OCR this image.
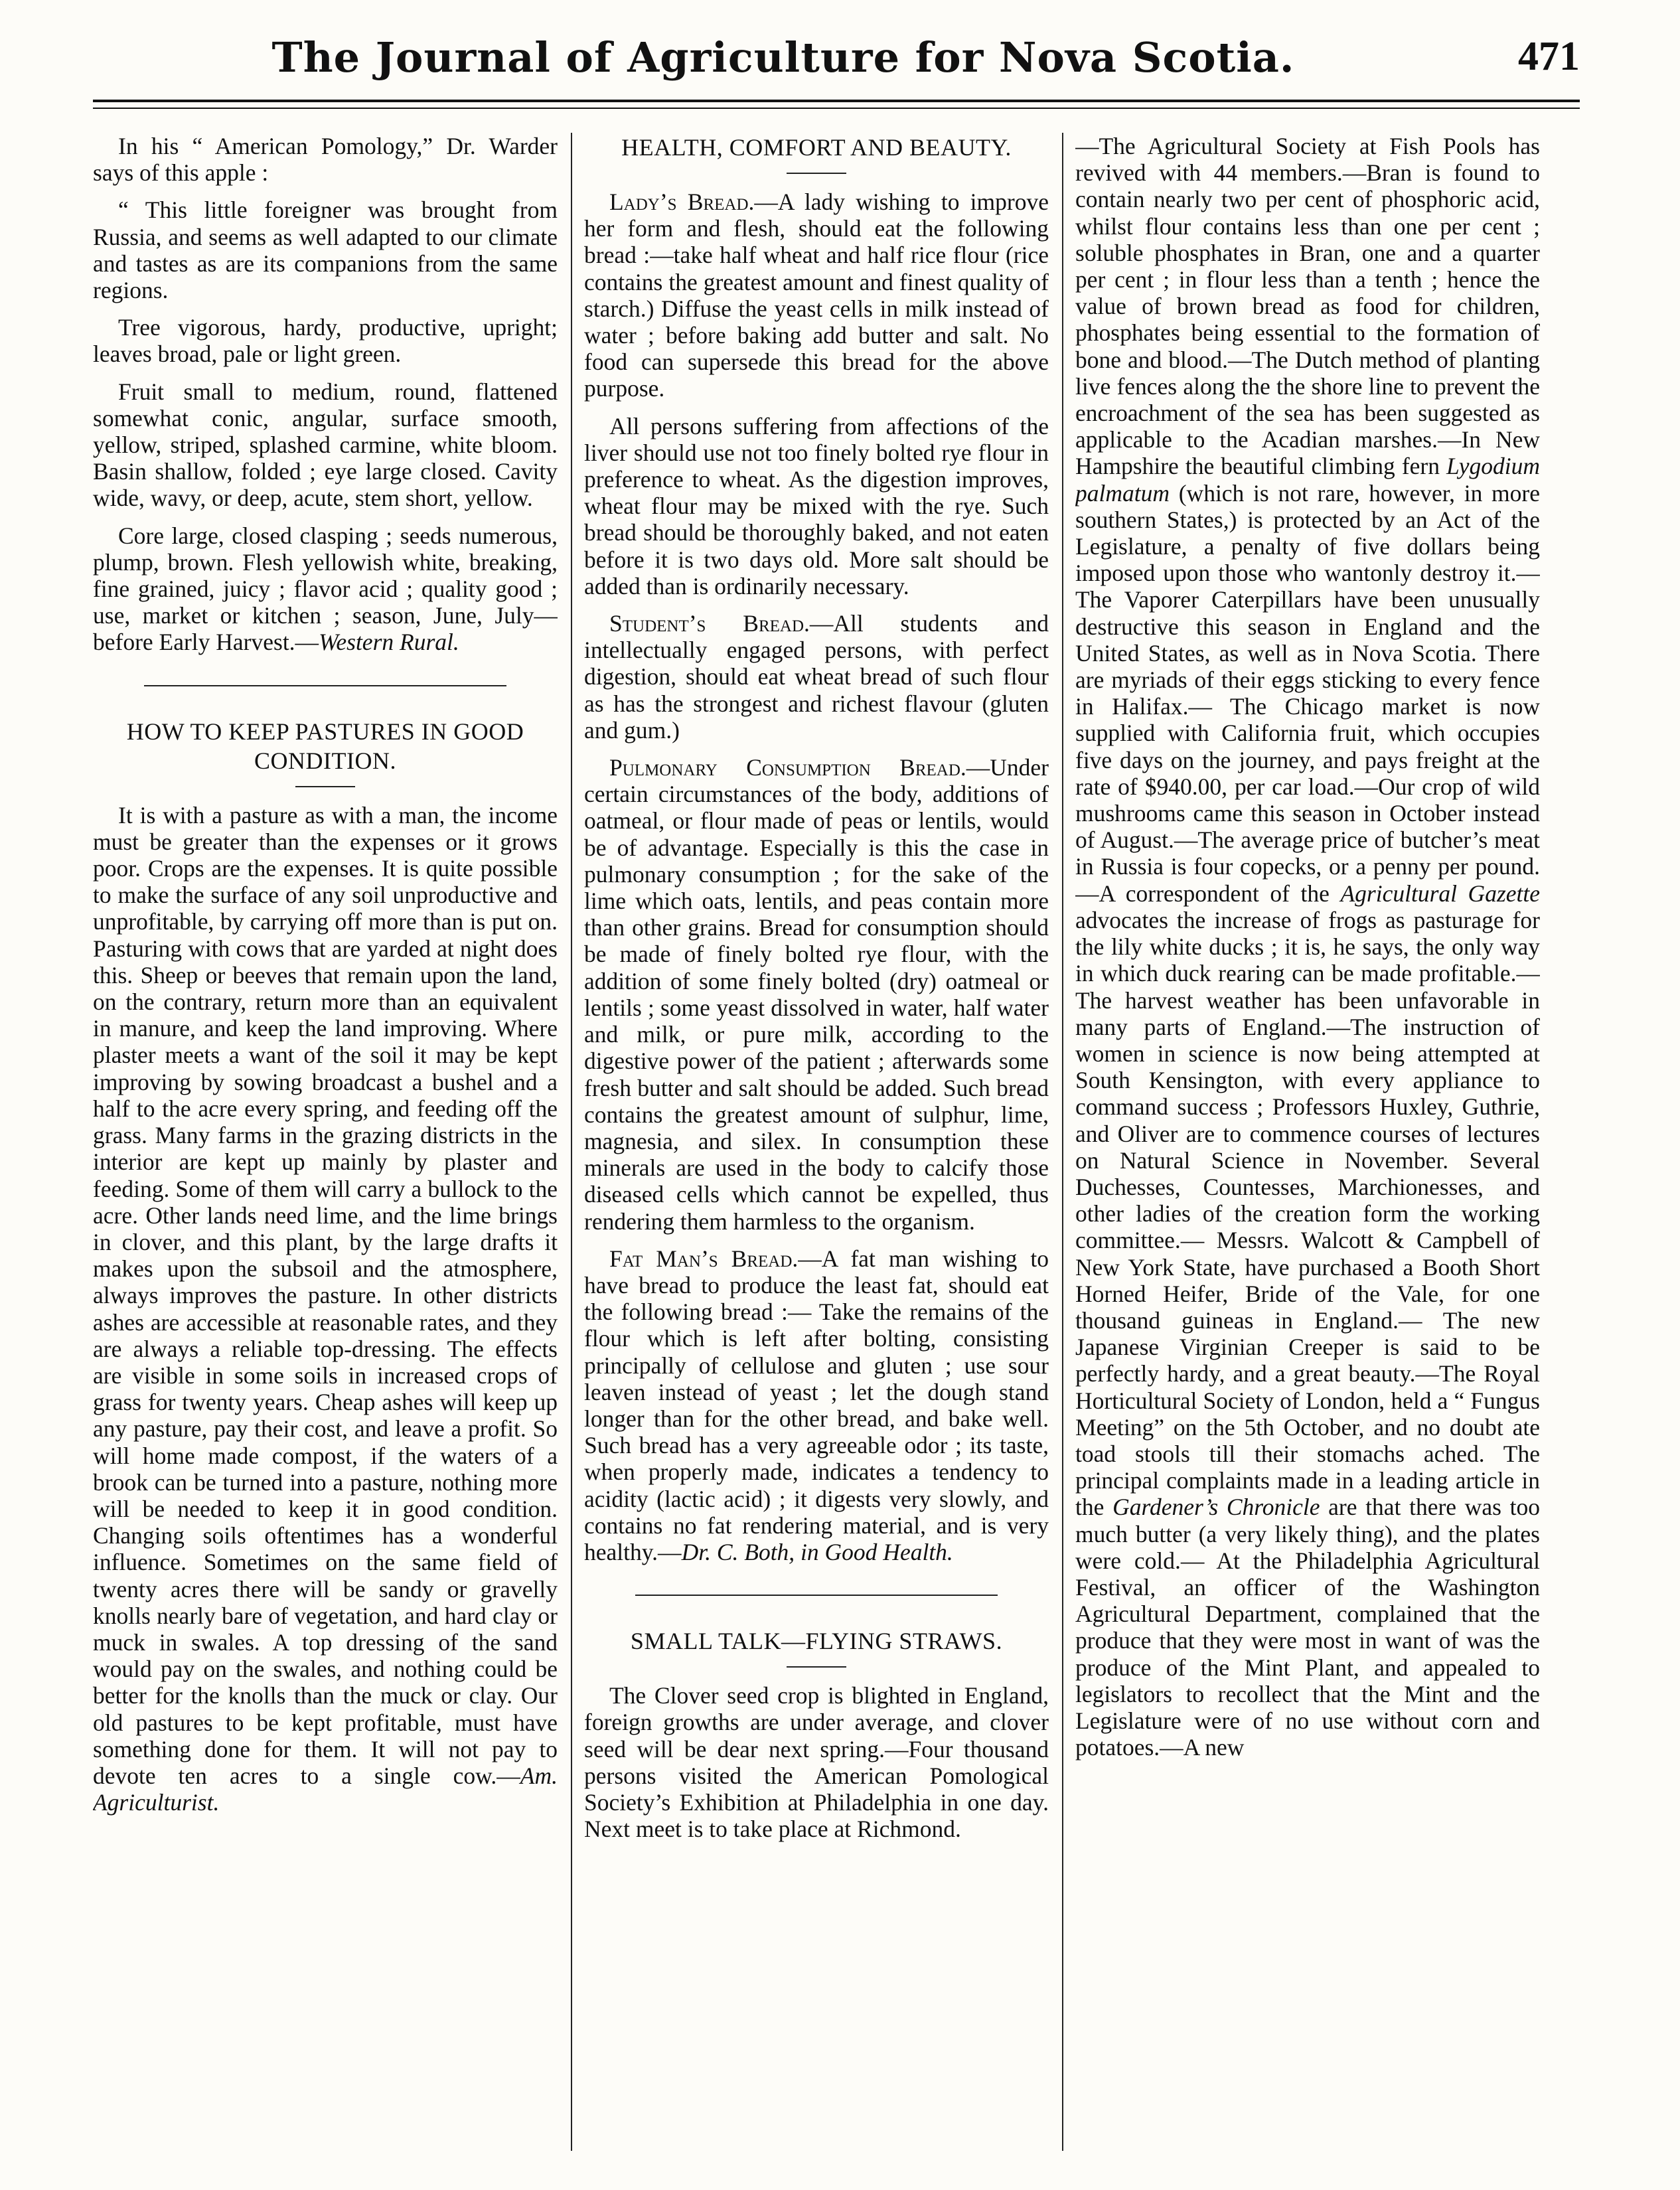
The Journal of Agriculture for Nova Scotia.	471

In his “ American Pomology,” Dr. Warder says of this apple :

“ This little foreigner was brought from Russia, and seems as well adapted to our climate and tastes as are its companions from the same regions.

Tree vigorous, hardy, productive, upright; leaves broad, pale or light green.

Fruit small to medium, round, flattened somewhat conic, angular, surface smooth, yellow, striped, splashed carmine, white bloom. Basin shallow, folded ; eye large closed. Cavity wide, wavy, or deep, acute, stem short, yellow.

Core large, closed clasping ; seeds numerous, plump, brown. Flesh yellowish white, breaking, fine grained, juicy ; flavor acid ; quality good ; use, market or kitchen ; season, June, July—before Early Harvest.—Western Rural.

HOW TO KEEP PASTURES IN GOOD CONDITION.

It is with a pasture as with a man, the income must be greater than the expenses or it grows poor. Crops are the expenses. It is quite possible to make the surface of any soil unproductive and unprofitable, by carrying off more than is put on. Pasturing with cows that are yarded at night does this. Sheep or beeves that remain upon the land, on the contrary, return more than an equivalent in manure, and keep the land improving. Where plaster meets a want of the soil it may be kept improving by sowing broadcast a bushel and a half to the acre every spring, and feeding off the grass. Many farms in the grazing districts in the interior are kept up mainly by plaster and feeding. Some of them will carry a bullock to the acre. Other lands need lime, and the lime brings in clover, and this plant, by the large drafts it makes upon the subsoil and the atmosphere, always improves the pasture. In other districts ashes are accessible at reasonable rates, and they are always a reliable top-dressing. The effects are visible in some soils in increased crops of grass for twenty years. Cheap ashes will keep up any pasture, pay their cost, and leave a profit. So will home made compost, if the waters of a brook can be turned into a pasture, nothing more will be needed to keep it in good condition. Changing soils oftentimes has a wonderful influence. Sometimes on the same field of twenty acres there will be sandy or gravelly knolls nearly bare of vegetation, and hard clay or muck in swales. A top dressing of the sand would pay on the swales, and nothing could be better for the knolls than the muck or clay. Our old pastures to be kept profitable, must have something done for them. It will not pay to devote ten acres to a single cow.—Am. Agriculturist.

HEALTH, COMFORT AND BEAUTY.

Lady’s Bread.—A lady wishing to improve her form and flesh, should eat the following bread :—take half wheat and half rice flour (rice contains the greatest amount and finest quality of starch.) Diffuse the yeast cells in milk instead of water ; before baking add butter and salt. No food can supersede this bread for the above purpose.

All persons suffering from affections of the liver should use not too finely bolted rye flour in preference to wheat. As the digestion improves, wheat flour may be mixed with the rye. Such bread should be thoroughly baked, and not eaten before it is two days old. More salt should be added than is ordinarily necessary.

Student’s Bread.—All students and intellectually engaged persons, with perfect digestion, should eat wheat bread of such flour as has the strongest and richest flavour (gluten and gum.)

Pulmonary Consumption Bread.—Under certain circumstances of the body, additions of oatmeal, or flour made of peas or lentils, would be of advantage. Especially is this the case in pulmonary consumption ; for the sake of the lime which oats, lentils, and peas contain more than other grains. Bread for consumption should be made of finely bolted rye flour, with the addition of some finely bolted (dry) oatmeal or lentils ; some yeast dissolved in water, half water and milk, or pure milk, according to the digestive power of the patient ; afterwards some fresh butter and salt should be added. Such bread contains the greatest amount of sulphur, lime, magnesia, and silex. In consumption these minerals are used in the body to calcify those diseased cells which cannot be expelled, thus rendering them harmless to the organism.

Fat Man’s Bread.—A fat man wishing to have bread to produce the least fat, should eat the following bread :— Take the remains of the flour which is left after bolting, consisting principally of cellulose and gluten ; use sour leaven instead of yeast ; let the dough stand longer than for the other bread, and bake well. Such bread has a very agreeable odor ; its taste, when properly made, indicates a tendency to acidity (lactic acid) ; it digests very slowly, and contains no fat rendering material, and is very healthy.—Dr. C. Both, in Good Health.

SMALL TALK—FLYING STRAWS.

The Clover seed crop is blighted in England, foreign growths are under average, and clover seed will be dear next spring.—Four thousand persons visited the American Pomological Society’s Exhibition at Philadelphia in one day. Next meet is to take place at Richmond.

—The Agricultural Society at Fish Pools has revived with 44 members.—Bran is found to contain nearly two per cent of phosphoric acid, whilst flour contains less than one per cent ; soluble phosphates in Bran, one and a quarter per cent ; in flour less than a tenth ; hence the value of brown bread as food for children, phosphates being essential to the formation of bone and blood.—The Dutch method of planting live fences along the the shore line to prevent the encroachment of the sea has been suggested as applicable to the Acadian marshes.—In New Hampshire the beautiful climbing fern Lygodium palmatum (which is not rare, however, in more southern States,) is protected by an Act of the Legislature, a penalty of five dollars being imposed upon those who wantonly destroy it.— The Vaporer Caterpillars have been unusually destructive this season in England and the United States, as well as in Nova Scotia. There are myriads of their eggs sticking to every fence in Halifax.— The Chicago market is now supplied with California fruit, which occupies five days on the journey, and pays freight at the rate of $940.00, per car load.—Our crop of wild mushrooms came this season in October instead of August.—The average price of butcher’s meat in Russia is four copecks, or a penny per pound.—A correspondent of the Agricultural Gazette advocates the increase of frogs as pasturage for the lily white ducks ; it is, he says, the only way in which duck rearing can be made profitable.—The harvest weather has been unfavorable in many parts of England.—The instruction of women in science is now being attempted at South Kensington, with every appliance to command success ; Professors Huxley, Guthrie, and Oliver are to commence courses of lectures on Natural Science in November. Several Duchesses, Countesses, Marchionesses, and other ladies of the creation form the working committee.— Messrs. Walcott & Campbell of New York State, have purchased a Booth Short Horned Heifer, Bride of the Vale, for one thousand guineas in England.— The new Japanese Virginian Creeper is said to be perfectly hardy, and a great beauty.—The Royal Horticultural Society of London, held a “ Fungus Meeting” on the 5th October, and no doubt ate toad stools till their stomachs ached. The principal complaints made in a leading article in the Gardener’s Chronicle are that there was too much butter (a very likely thing), and the plates were cold.— At the Philadelphia Agricultural Festival, an officer of the Washington Agricultural Department, complained that the produce that they were most in want of was the produce of the Mint Plant, and appealed to legislators to recollect that the Mint and the Legislature were of no use without corn and potatoes.—A new
